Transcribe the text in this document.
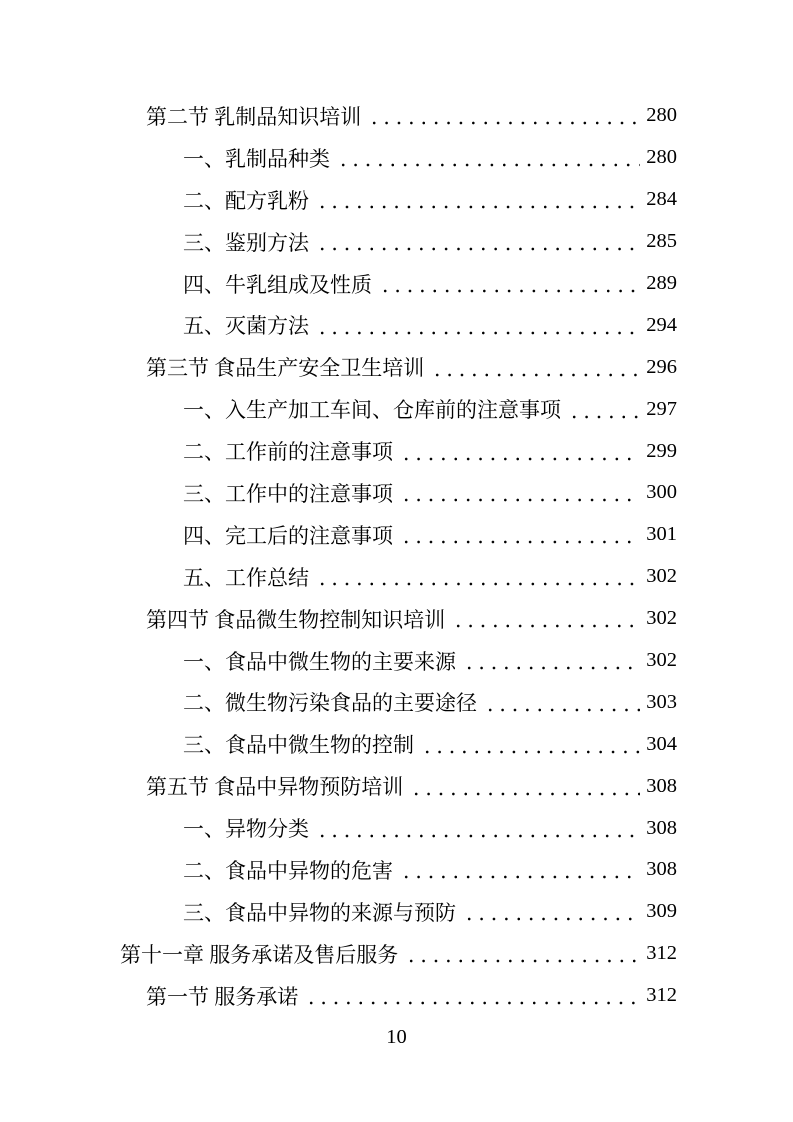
第二节 乳制品知识培训	280
一、乳制品种类	280
二、配方乳粉	284
三、鉴别方法	285
四、牛乳组成及性质	289
五、灭菌方法	294
第三节 食品生产安全卫生培训	296
一、入生产加工车间、仓库前的注意事项	297
二、工作前的注意事项	299
三、工作中的注意事项	300
四、完工后的注意事项	301
五、工作总结	302
第四节 食品微生物控制知识培训	302
一、食品中微生物的主要来源	302
二、微生物污染食品的主要途径	303
三、食品中微生物的控制	304
第五节 食品中异物预防培训	308
一、异物分类	308
二、食品中异物的危害	308
三、食品中异物的来源与预防	309
第十一章 服务承诺及售后服务	312
第一节 服务承诺	312
10
